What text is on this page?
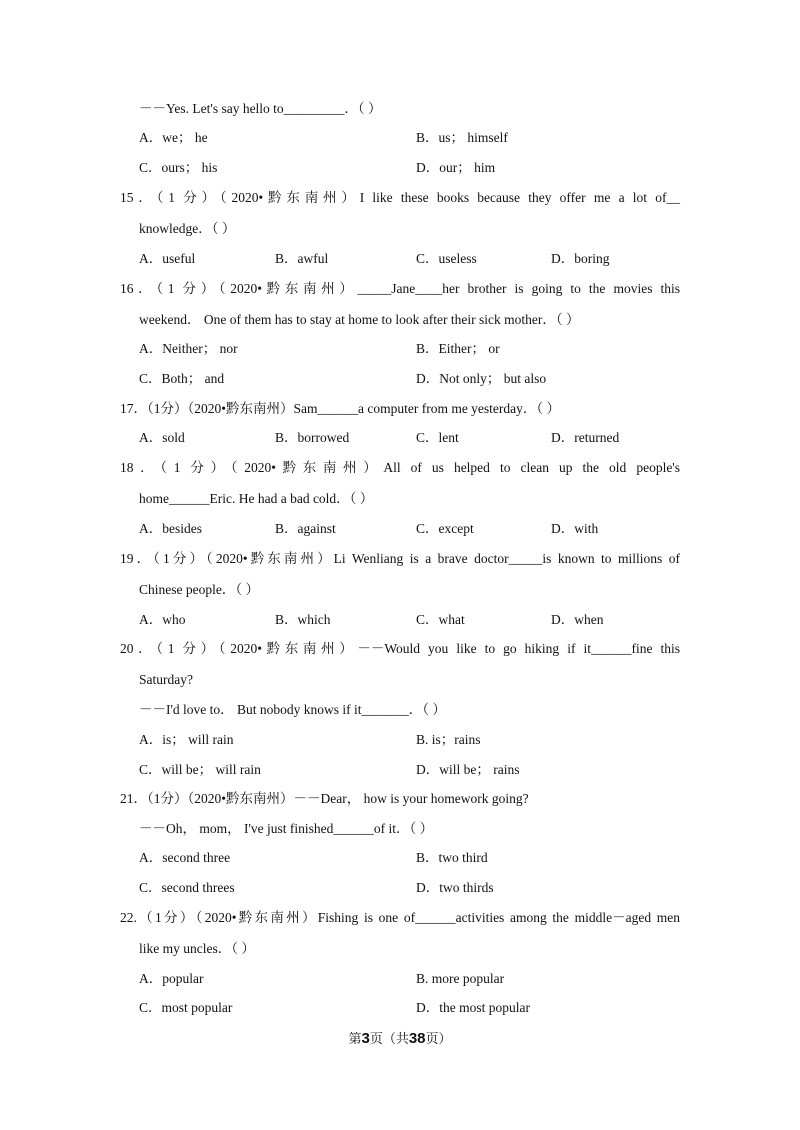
－－Yes. Let's say hello to_________．（ ）
A．we； he	B．us； himself
C．ours； his	D．our； him
15．（1 分）（2020•黔东南州）I like these books because they offer me a lot of__
knowledge．（ ）
A．useful	B．awful	C．useless	D．boring
16．（1 分）（2020•黔东南州）_____Jane____her brother is going to the movies this
weekend． One of them has to stay at home to look after their sick mother．（ ）
A．Neither； nor	B．Either； or
C．Both； and	D．Not only； but also
17．（1分）（2020•黔东南州）Sam______a computer from me yesterday．（ ）
A．sold	B．borrowed	C．lent	D．returned
18．（1 分）（2020•黔东南州）All of us helped to clean up the old people's
home______Eric. He had a bad cold．（ ）
A．besides	B．against	C．except	D．with
19．（1分）（2020•黔东南州）Li Wenliang is a brave doctor_____is known to millions of
Chinese people．（ ）
A．who	B．which	C．what	D．when
20．（1 分）（2020•黔东南州）－－Would you like to go hiking if it______fine this
Saturday?
－－I'd love to． But nobody knows if it_______．（ ）
A．is； will rain	B. is；rains
C．will be； will rain	D．will be； rains
21．（1分）（2020•黔东南州）－－Dear， how is your homework going?
－－Oh， mom， I've just finished______of it．（ ）
A．second three	B．two third
C．second threes	D．two thirds
22.（1分）（2020•黔东南州）Fishing is one of______activities among the middle－aged men
like my uncles．（ ）
A．popular	B. more popular
C．most popular	D．the most popular
第3页（共38页）
